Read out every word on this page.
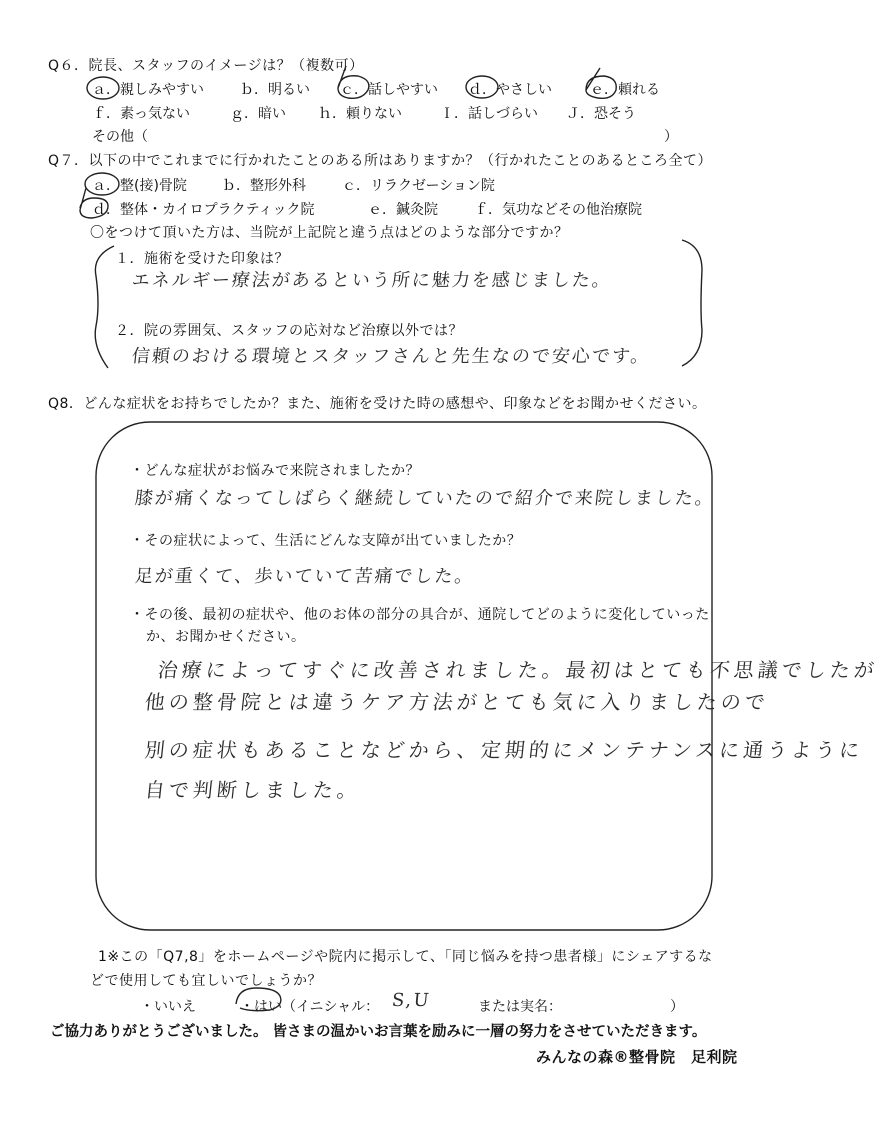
Q６．院長、スタッフのイメージは？（複数可）
ａ．親しみやすい	ｂ．明るい ｃ．話しやすい ｄ．やさしい	ｅ．頼れる
ｆ．素っ気ない	ｇ．暗い ｈ．頼りない	Ｉ．話しづらい Ｊ．恐そう
その他（	）
Q７．以下の中でこれまでに行かれたことのある所はありますか？（行かれたことのあるところ全て）
ａ．整(接)骨院	ｂ．整形外科	ｃ．リラクゼーション院
ｄ．整体・カイロプラクティック院	ｅ．鍼灸院	ｆ．気功などその他治療院
〇をつけて頂いた方は、当院が上記院と違う点はどのような部分ですか？
１．施術を受けた印象は？
エネルギー療法があるという所に魅力を感じました。
２．院の雰囲気、スタッフの応対など治療以外では？
信頼のおける環境とスタッフさんと先生なので安心です。
Q8．どんな症状をお持ちでしたか？また、施術を受けた時の感想や、印象などをお聞かせください。
・どんな症状がお悩みで来院されましたか？
膝が痛くなってしばらく継続していたので紹介で来院しました。
・その症状によって、生活にどんな支障が出ていましたか？
足が重くて、歩いていて苦痛でした。
・その後、最初の症状や、他のお体の部分の具合が、通院してどのように変化していった
か、お聞かせください。
治療によってすぐに改善されました。最初はとても不思議でしたが
他の整骨院とは違うケア方法がとても気に入りましたので
別の症状もあることなどから、定期的にメンテナンスに通うように
自で判断しました。
1※この「Q7,8」をホームページや院内に掲示して、「同じ悩みを持つ患者様」にシェアするな
どで使用しても宜しいでしょうか？
・いいえ	・はい（イニシャル： S,U	または実名：	）
ご協力ありがとうございました。 皆さまの温かいお言葉を励みに一層の努力をさせていただきます。
みんなの森®整骨院　足利院
